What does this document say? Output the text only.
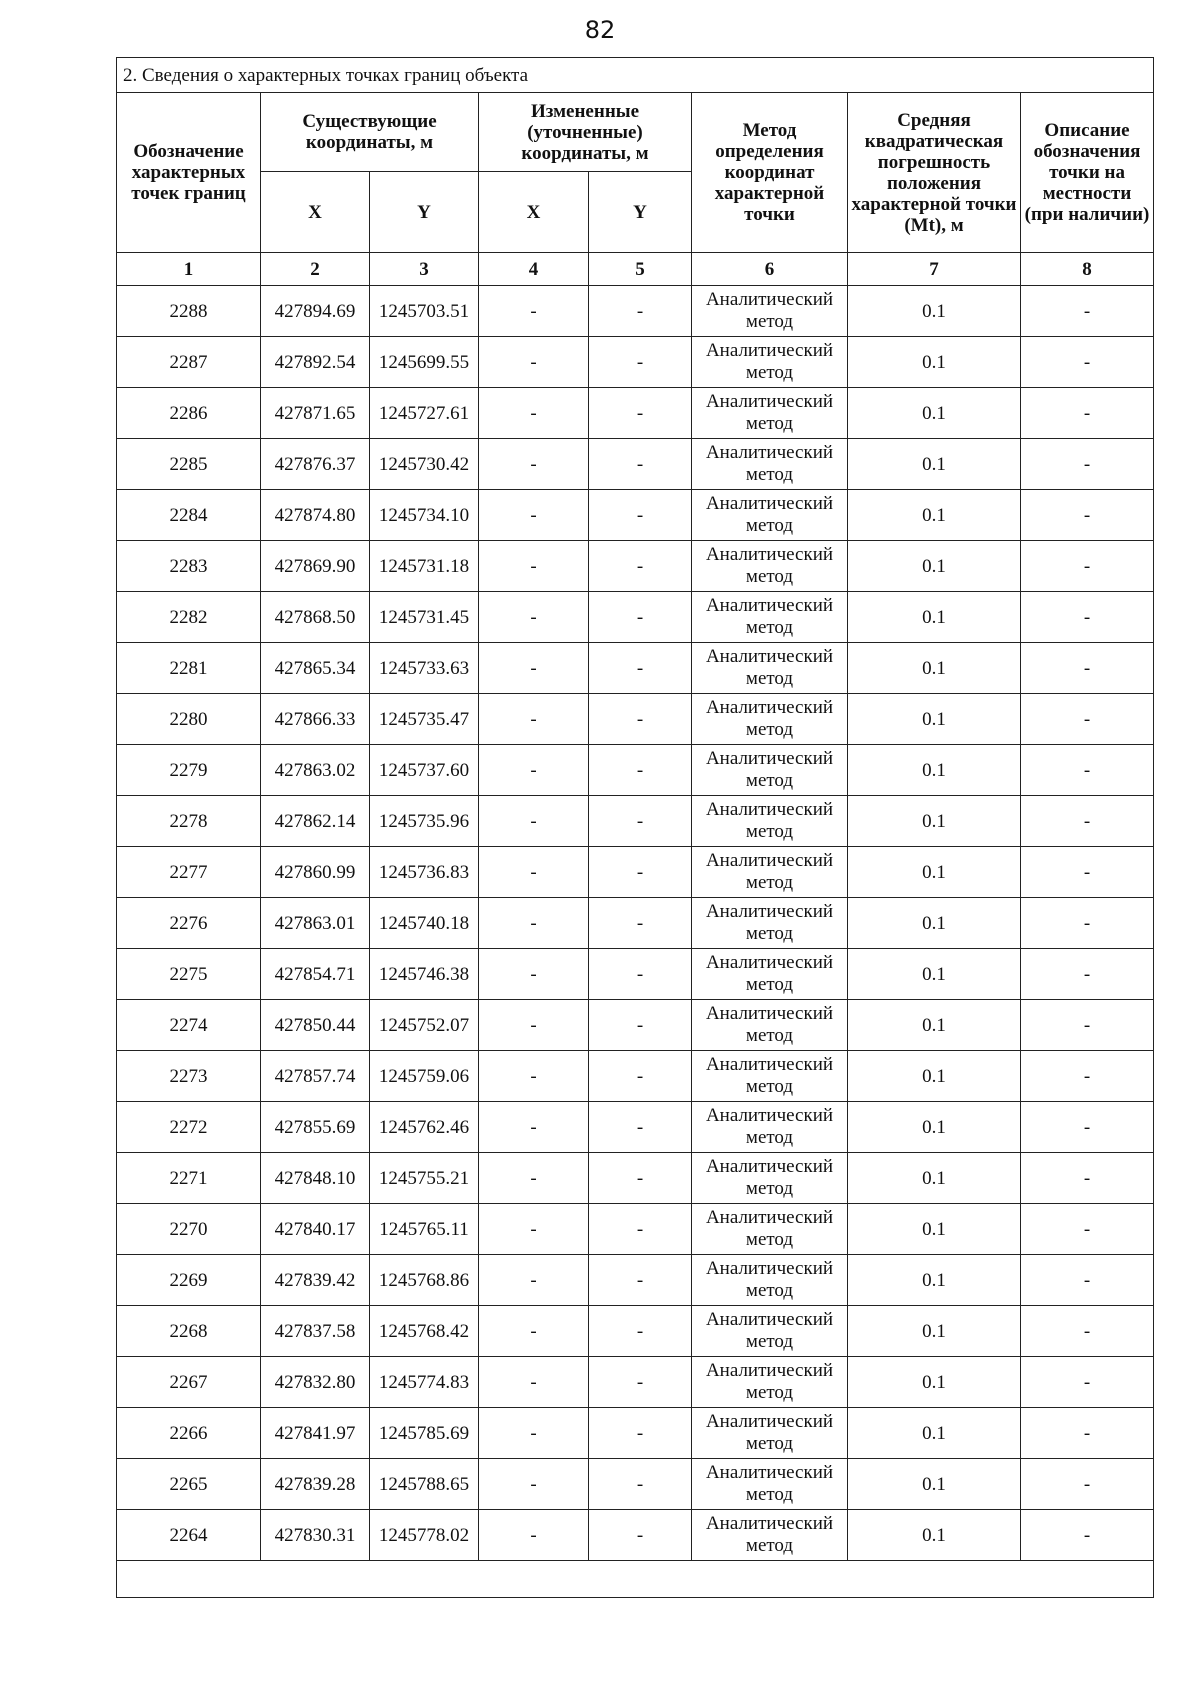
82
2. Сведения о характерных точках границ объекта							
Обозначение характерных точек границ	Существующие координаты, м		Измененные (уточненные) координаты, м		Метод определения координат характерной точки	Средняя квадратическая погрешность положения характерной точки (Mt), м	Описание обозначения точки на местности (при наличии)
	X	Y	X	Y			
1	2	3	4	5	6	7	8
2288	427894.69	1245703.51	-	-	Аналитический метод	0.1	-
2287	427892.54	1245699.55	-	-	Аналитический метод	0.1	-
2286	427871.65	1245727.61	-	-	Аналитический метод	0.1	-
2285	427876.37	1245730.42	-	-	Аналитический метод	0.1	-
2284	427874.80	1245734.10	-	-	Аналитический метод	0.1	-
2283	427869.90	1245731.18	-	-	Аналитический метод	0.1	-
2282	427868.50	1245731.45	-	-	Аналитический метод	0.1	-
2281	427865.34	1245733.63	-	-	Аналитический метод	0.1	-
2280	427866.33	1245735.47	-	-	Аналитический метод	0.1	-
2279	427863.02	1245737.60	-	-	Аналитический метод	0.1	-
2278	427862.14	1245735.96	-	-	Аналитический метод	0.1	-
2277	427860.99	1245736.83	-	-	Аналитический метод	0.1	-
2276	427863.01	1245740.18	-	-	Аналитический метод	0.1	-
2275	427854.71	1245746.38	-	-	Аналитический метод	0.1	-
2274	427850.44	1245752.07	-	-	Аналитический метод	0.1	-
2273	427857.74	1245759.06	-	-	Аналитический метод	0.1	-
2272	427855.69	1245762.46	-	-	Аналитический метод	0.1	-
2271	427848.10	1245755.21	-	-	Аналитический метод	0.1	-
2270	427840.17	1245765.11	-	-	Аналитический метод	0.1	-
2269	427839.42	1245768.86	-	-	Аналитический метод	0.1	-
2268	427837.58	1245768.42	-	-	Аналитический метод	0.1	-
2267	427832.80	1245774.83	-	-	Аналитический метод	0.1	-
2266	427841.97	1245785.69	-	-	Аналитический метод	0.1	-
2265	427839.28	1245788.65	-	-	Аналитический метод	0.1	-
2264	427830.31	1245778.02	-	-	Аналитический метод	0.1	-
